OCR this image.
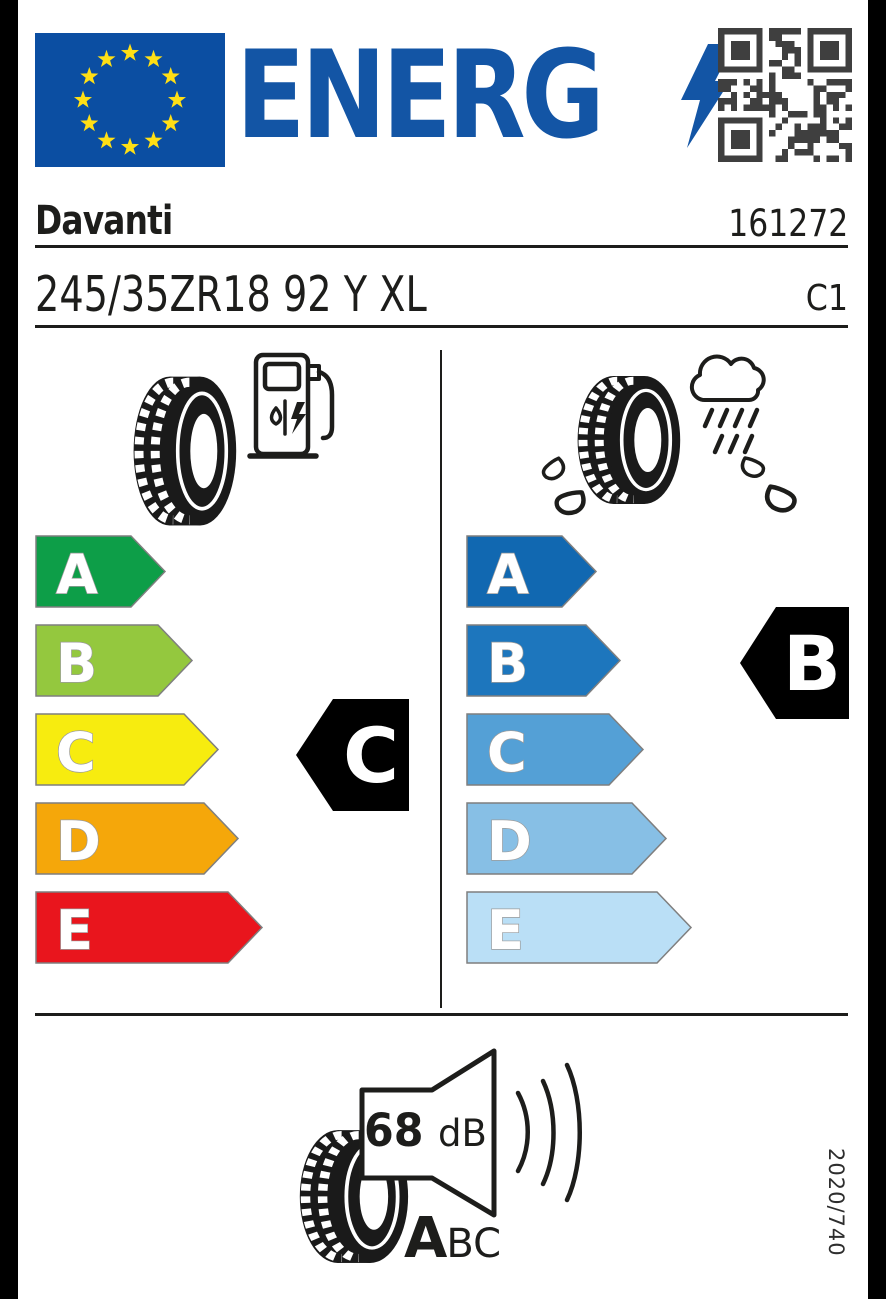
ENERG
Davanti	161272
245/35ZR18 92 Y XL	C1
A
B
C
D
E
A
B
C
D
E
C
B
68 dB
A BC	2020/740
